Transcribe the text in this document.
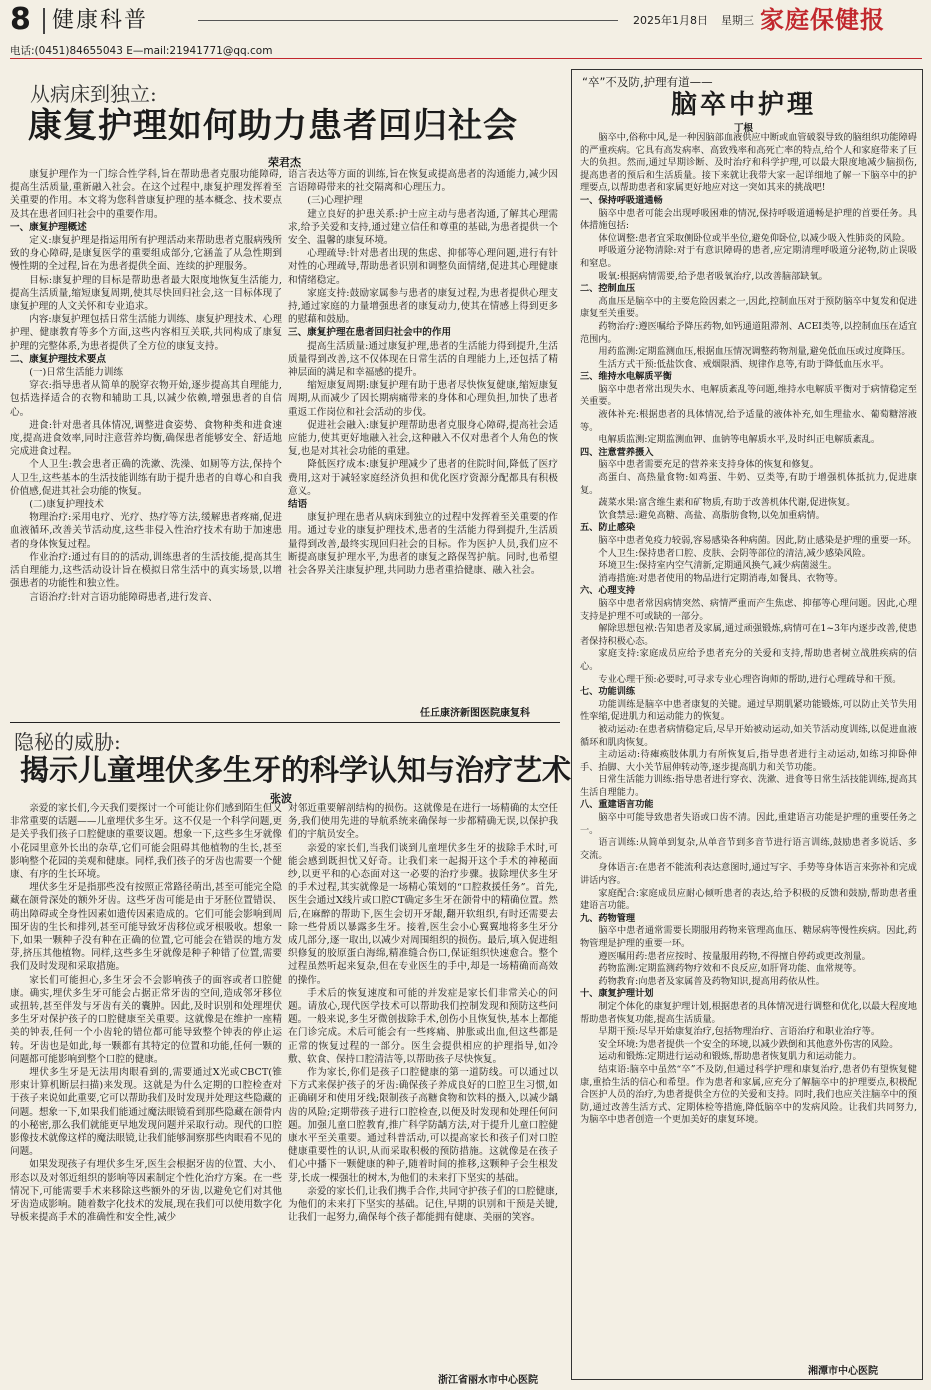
8 健康科普	2025年1月8日 星期三 家庭保健报
电话:(0451)84655043 E—mail:21941771@qq.com
从病床到独立:
康复护理如何助力患者回归社会
荣君杰

康复护理作为一门综合性学科,旨在帮助患者克服功能障碍,提高生活质量,重新融入社会。在这个过程中,康复护理发挥着至关重要的作用。本文将为您科普康复护理的基本概念、技术要点及其在患者回归社会中的重要作用。

一、康复护理概述

定义:康复护理是指运用所有护理活动来帮助患者克服病残所致的身心障碍,是康复医学的重要组成部分,它涵盖了从急性期到慢性期的全过程,旨在为患者提供全面、连续的护理服务。

目标:康复护理的目标是帮助患者最大限度地恢复生活能力,提高生活质量,缩短康复周期,使其尽快回归社会,这一目标体现了康复护理的人文关怀和专业追求。

内容:康复护理包括日常生活能力训练、康复护理技术、心理护理、健康教育等多个方面,这些内容相互关联,共同构成了康复护理的完整体系,为患者提供了全方位的康复支持。

二、康复护理技术要点

(一)日常生活能力训练

穿衣:指导患者从简单的脱穿衣物开始,逐步提高其自理能力,包括选择适合的衣物和辅助工具,以减少依赖,增强患者的自信心。

进食:针对患者具体情况,调整进食姿势、食物种类和进食速度,提高进食效率,同时注意营养均衡,确保患者能够安全、舒适地完成进食过程。

个人卫生:教会患者正确的洗漱、洗澡、如厕等方法,保持个人卫生,这些基本的生活技能训练有助于提升患者的自尊心和自我价值感,促进其社会功能的恢复。

(二)康复护理技术

物理治疗:采用电疗、光疗、热疗等方法,缓解患者疼痛,促进血液循环,改善关节活动度,这些非侵入性治疗技术有助于加速患者的身体恢复过程。

作业治疗:通过有目的的活动,训练患者的生活技能,提高其生活自理能力,这些活动设计旨在模拟日常生活中的真实场景,以增强患者的功能性和独立性。

言语治疗:针对言语功能障碍患者,进行发音、

语言表达等方面的训练,旨在恢复或提高患者的沟通能力,减少因言语障碍带来的社交隔离和心理压力。

(三)心理护理

建立良好的护患关系:护士应主动与患者沟通,了解其心理需求,给予关爱和支持,通过建立信任和尊重的基础,为患者提供一个安全、温馨的康复环境。

心理疏导:针对患者出现的焦虑、抑郁等心理问题,进行有针对性的心理疏导,帮助患者识别和调整负面情绪,促进其心理健康和情绪稳定。

家庭支持:鼓励家属参与患者的康复过程,为患者提供心理支持,通过家庭的力量增强患者的康复动力,使其在情感上得到更多的慰藉和鼓励。

三、康复护理在患者回归社会中的作用

提高生活质量:通过康复护理,患者的生活能力得到提升,生活质量得到改善,这不仅体现在日常生活的自理能力上,还包括了精神层面的满足和幸福感的提升。

缩短康复周期:康复护理有助于患者尽快恢复健康,缩短康复周期,从而减少了因长期病痛带来的身体和心理负担,加快了患者重返工作岗位和社会活动的步伐。

促进社会融入:康复护理帮助患者克服身心障碍,提高社会适应能力,使其更好地融入社会,这种融入不仅对患者个人角色的恢复,也是对其社会功能的重建。

降低医疗成本:康复护理减少了患者的住院时间,降低了医疗费用,这对于减轻家庭经济负担和优化医疗资源分配都具有积极意义。

结语

康复护理在患者从病床到独立的过程中发挥着至关重要的作用。通过专业的康复护理技术,患者的生活能力得到提升,生活质量得到改善,最终实现回归社会的目标。作为医护人员,我们应不断提高康复护理水平,为患者的康复之路保驾护航。同时,也希望社会各界关注康复护理,共同助力患者重拾健康、融入社会。

任丘康济新图医院康复科
隐秘的威胁:
揭示儿童埋伏多生牙的科学认知与治疗艺术
张波

亲爱的家长们,今天我们要探讨一个可能让你们感到陌生但又非常重要的话题——儿童埋伏多生牙。这不仅是一个科学问题,更是关乎我们孩子口腔健康的重要议题。想象一下,这些多生牙就像小花园里意外长出的杂草,它们可能会阻碍其他植物的生长,甚至影响整个花园的美观和健康。同样,我们孩子的牙齿也需要一个健康、有序的生长环境。

埋伏多生牙是指那些没有按照正常路径萌出,甚至可能完全隐藏在颌骨深处的额外牙齿。这些牙齿可能是由于牙胚位置错误、萌出障碍或全身性因素如遗传因素造成的。它们可能会影响到周围牙齿的生长和排列,甚至可能导致牙齿移位或牙根吸收。想象一下,如果一颗种子没有种在正确的位置,它可能会在错误的地方发芽,挤压其他植物。同样,这些多生牙就像是种子种错了位置,需要我们及时发现和采取措施。

家长们可能担心,多生牙会不会影响孩子的面容或者口腔健康。确实,埋伏多生牙可能会占据正常牙齿的空间,造成邻牙移位或扭转,甚至伴发与牙齿有关的囊肿。因此,及时识别和处理埋伏多生牙对保护孩子的口腔健康至关重要。这就像是在维护一座精美的钟表,任何一个小齿轮的错位都可能导致整个钟表的停止运转。牙齿也是如此,每一颗都有其特定的位置和功能,任何一颗的问题都可能影响到整个口腔的健康。

埋伏多生牙是无法用肉眼看到的,需要通过X光或CBCT(锥形束计算机断层扫描)来发现。这就是为什么定期的口腔检查对于孩子来说如此重要,它可以帮助我们及时发现并处理这些隐藏的问题。想象一下,如果我们能通过魔法眼镜看到那些隐藏在颌骨内的小秘密,那么我们就能更早地发现问题并采取行动。现代的口腔影像技术就像这样的魔法眼镜,让我们能够洞察那些肉眼看不见的问题。

如果发现孩子有埋伏多生牙,医生会根据牙齿的位置、大小、形态以及对邻近组织的影响等因素制定个性化治疗方案。在一些情况下,可能需要手术来移除这些额外的牙齿,以避免它们对其他牙齿造成影响。随着数字化技术的发展,现在我们可以使用数字化导板来提高手术的准确性和安全性,减少

对邻近重要解剖结构的损伤。这就像是在进行一场精确的太空任务,我们使用先进的导航系统来确保每一步都精确无误,以保护我们的宇航员安全。

亲爱的家长们,当我们谈到儿童埋伏多生牙的拔除手术时,可能会感到既担忧又好奇。让我们来一起揭开这个手术的神秘面纱,以更平和的心态面对这一必要的治疗步骤。拔除埋伏多生牙的手术过程,其实就像是一场精心策划的“口腔救援任务”。首先,医生会通过X线片或口腔CT确定多生牙在颌骨中的精确位置。然后,在麻醉的帮助下,医生会切开牙龈,翻开软组织,有时还需要去除一些骨质以暴露多生牙。接着,医生会小心翼翼地将多生牙分成几部分,逐一取出,以减少对周围组织的损伤。最后,填入促进组织修复的胶原蛋白海绵,精准缝合伤口,保证组织快速愈合。整个过程虽然听起来复杂,但在专业医生的手中,却是一场精确而高效的操作。

手术后的恢复速度和可能的并发症是家长们非常关心的问题。请放心,现代医学技术可以帮助我们控制发现和预防这些问题。一般来说,多生牙微创拔除手术,创伤小且恢复快,基本上都能在门诊完成。术后可能会有一些疼痛、肿胀或出血,但这些都是正常的恢复过程的一部分。医生会提供相应的护理指导,如冷敷、软食、保持口腔清洁等,以帮助孩子尽快恢复。

作为家长,你们是孩子口腔健康的第一道防线。可以通过以下方式来保护孩子的牙齿:确保孩子养成良好的口腔卫生习惯,如正确刷牙和使用牙线;限制孩子高糖食物和饮料的摄入,以减少龋齿的风险;定期带孩子进行口腔检查,以便及时发现和处理任何问题。加强儿童口腔教育,推广科学防龋方法,对于提升儿童口腔健康水平至关重要。通过科普活动,可以提高家长和孩子们对口腔健康重要性的认识,从而采取积极的预防措施。这就像是在孩子们心中播下一颗健康的种子,随着时间的推移,这颗种子会生根发芽,长成一棵强壮的树木,为他们的未来打下坚实的基础。

亲爱的家长们,让我们携手合作,共同守护孩子们的口腔健康,为他们的未来打下坚实的基础。记住,早期的识别和干预是关键,让我们一起努力,确保每个孩子都能拥有健康、美丽的笑容。

浙江省丽水市中心医院
“卒”不及防,护理有道——
脑卒中护理
丁根

脑卒中,俗称中风,是一种因脑部血液供应中断或血管破裂导致的脑组织功能障碍的严重疾病。它具有高发病率、高致残率和高死亡率的特点,给个人和家庭带来了巨大的负担。然而,通过早期诊断、及时治疗和科学护理,可以最大限度地减少脑损伤,提高患者的预后和生活质量。接下来就让我带大家一起详细地了解一下脑卒中的护理要点,以帮助患者和家属更好地应对这一突如其来的挑战吧!

一、保持呼吸道通畅

脑卒中患者可能会出现呼吸困难的情况,保持呼吸道通畅是护理的首要任务。具体措施包括:

体位调整:患者宜采取侧卧位或半坐位,避免仰卧位,以减少吸入性肺炎的风险。

呼吸道分泌物清除:对于有意识障碍的患者,应定期清理呼吸道分泌物,防止误吸和窒息。

吸氧:根据病情需要,给予患者吸氧治疗,以改善脑部缺氧。

二、控制血压

高血压是脑卒中的主要危险因素之一,因此,控制血压对于预防脑卒中复发和促进康复至关重要。

药物治疗:遵医嘱给予降压药物,如钙通道阻滞剂、ACEI类等,以控制血压在适宜范围内。

用药监测:定期监测血压,根据血压情况调整药物剂量,避免低血压或过度降压。

生活方式干预:低盐饮食、戒烟限酒、规律作息等,有助于降低血压水平。

三、维持水电解质平衡

脑卒中患者常出现失水、电解质紊乱等问题,维持水电解质平衡对于病情稳定至关重要。

液体补充:根据患者的具体情况,给予适量的液体补充,如生理盐水、葡萄糖溶液等。

电解质监测:定期监测血钾、血钠等电解质水平,及时纠正电解质紊乱。

四、注意营养摄入

脑卒中患者需要充足的营养来支持身体的恢复和修复。

高蛋白、高热量食物:如鸡蛋、牛奶、豆类等,有助于增强机体抵抗力,促进康复。

蔬菜水果:富含维生素和矿物质,有助于改善机体代谢,促进恢复。

饮食禁忌:避免高糖、高盐、高脂肪食物,以免加重病情。

五、防止感染

脑卒中患者免疫力较弱,容易感染各种病菌。因此,防止感染是护理的重要一环。

个人卫生:保持患者口腔、皮肤、会阴等部位的清洁,减少感染风险。

环境卫生:保持室内空气清新,定期通风换气,减少病菌滋生。

消毒措施:对患者使用的物品进行定期消毒,如餐具、衣物等。

六、心理支持

脑卒中患者常因病情突然、病情严重而产生焦虑、抑郁等心理问题。因此,心理支持是护理不可或缺的一部分。

解除思想包袱:告知患者及家属,通过顽强锻炼,病情可在1~3年内逐步改善,使患者保持积极心态。

家庭支持:家庭成员应给予患者充分的关爱和支持,帮助患者树立战胜疾病的信心。

专业心理干预:必要时,可寻求专业心理咨询师的帮助,进行心理疏导和干预。

七、功能训练

功能训练是脑卒中患者康复的关键。通过早期肌紧功能锻炼,可以防止关节失用性挛缩,促进肌力和运动能力的恢复。

被动运动:在患者病情稳定后,尽早开始被动运动,如关节活动度训练,以促进血液循环和肌肉恢复。

主动运动:待瘫痪肢体肌力有所恢复后,指导患者进行主动运动,如练习抑卧伸手、抬脚、大小关节屈伸转动等,逐步提高肌力和关节功能。

日常生活能力训练:指导患者进行穿衣、洗漱、进食等日常生活技能训练,提高其生活自理能力。

八、重建语言功能

脑卒中可能导致患者失语或口齿不清。因此,重建语言功能是护理的重要任务之一。

语言训练:从简单到复杂,从单音节到多音节进行语言训练,鼓励患者多说话、多交流。

身体语言:在患者不能流利表达意图时,通过写字、手势等身体语言来弥补和完成讲话内容。

家庭配合:家庭成员应耐心倾听患者的表达,给予积极的反馈和鼓励,帮助患者重建语言功能。

九、药物管理

脑卒中患者通常需要长期服用药物来管理高血压、糖尿病等慢性疾病。因此,药物管理是护理的重要一环。

遵医嘱用药:患者应按时、按量服用药物,不得擅自停药或更改剂量。

药物监测:定期监测药物疗效和不良反应,如肝肾功能、血常规等。

药物教育:向患者及家属普及药物知识,提高用药依从性。

十、康复护理计划

制定个体化的康复护理计划,根据患者的具体情况进行调整和优化,以最大程度地帮助患者恢复功能,提高生活质量。

早期干预:尽早开始康复治疗,包括物理治疗、言语治疗和职业治疗等。

安全环境:为患者提供一个安全的环境,以减少跌倒和其他意外伤害的风险。

运动和锻炼:定期进行运动和锻炼,帮助患者恢复肌力和运动能力。

结束语:脑卒中虽然“卒”不及防,但通过科学护理和康复治疗,患者仍有望恢复健康,重拾生活的信心和希望。作为患者和家属,应充分了解脑卒中的护理要点,积极配合医护人员的治疗,为患者提供全方位的关爱和支持。同时,我们也应关注脑卒中的预防,通过改善生活方式、定期体检等措施,降低脑卒中的发病风险。让我们共同努力,为脑卒中患者创造一个更加美好的康复环境。

湘潭市中心医院
